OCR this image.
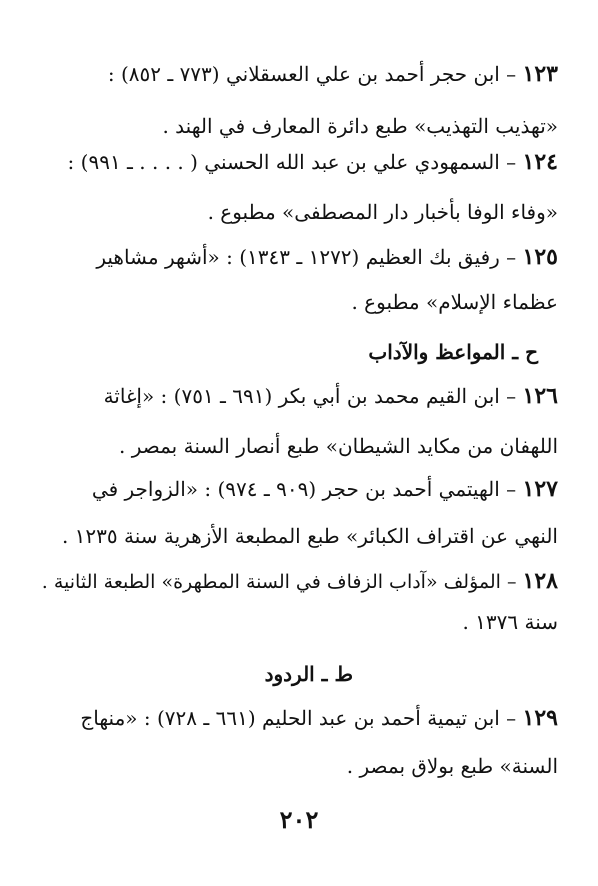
١٢٣ – ابن حجر أحمد بن علي العسقلاني (٧٧٣ ـ ٨٥٢) :
«تهذيب التهذيب» طبع دائرة المعارف في الهند .
١٢٤ – السمهودي علي بن عبد الله الحسني ( . . . . ـ ٩٩١) :
«وفاء الوفا بأخبار دار المصطفى» مطبوع .
١٢٥ – رفيق بك العظيم (١٢٧٢ ـ ١٣٤٣) : «أشهر مشاهير
عظماء الإسلام» مطبوع .
ح ـ المواعظ والآداب
١٢٦ – ابن القيم محمد بن أبي بكر (٦٩١ ـ ٧٥١) : «إغاثة
اللهفان من مكايد الشيطان» طبع أنصار السنة بمصر .
١٢٧ – الهيتمي أحمد بن حجر (٩٠٩ ـ ٩٧٤) : «الزواجر في
النهي عن اقتراف الكبائر» طبع المطبعة الأزهرية سنة ١٢٣٥ .
١٢٨ – المؤلف «آداب الزفاف في السنة المطهرة» الطبعة الثانية .
سنة ١٣٧٦ .
ط ـ الردود
١٢٩ – ابن تيمية أحمد بن عبد الحليم (٦٦١ ـ ٧٢٨) : «منهاج
السنة» طبع بولاق بمصر .
٢٠٢
